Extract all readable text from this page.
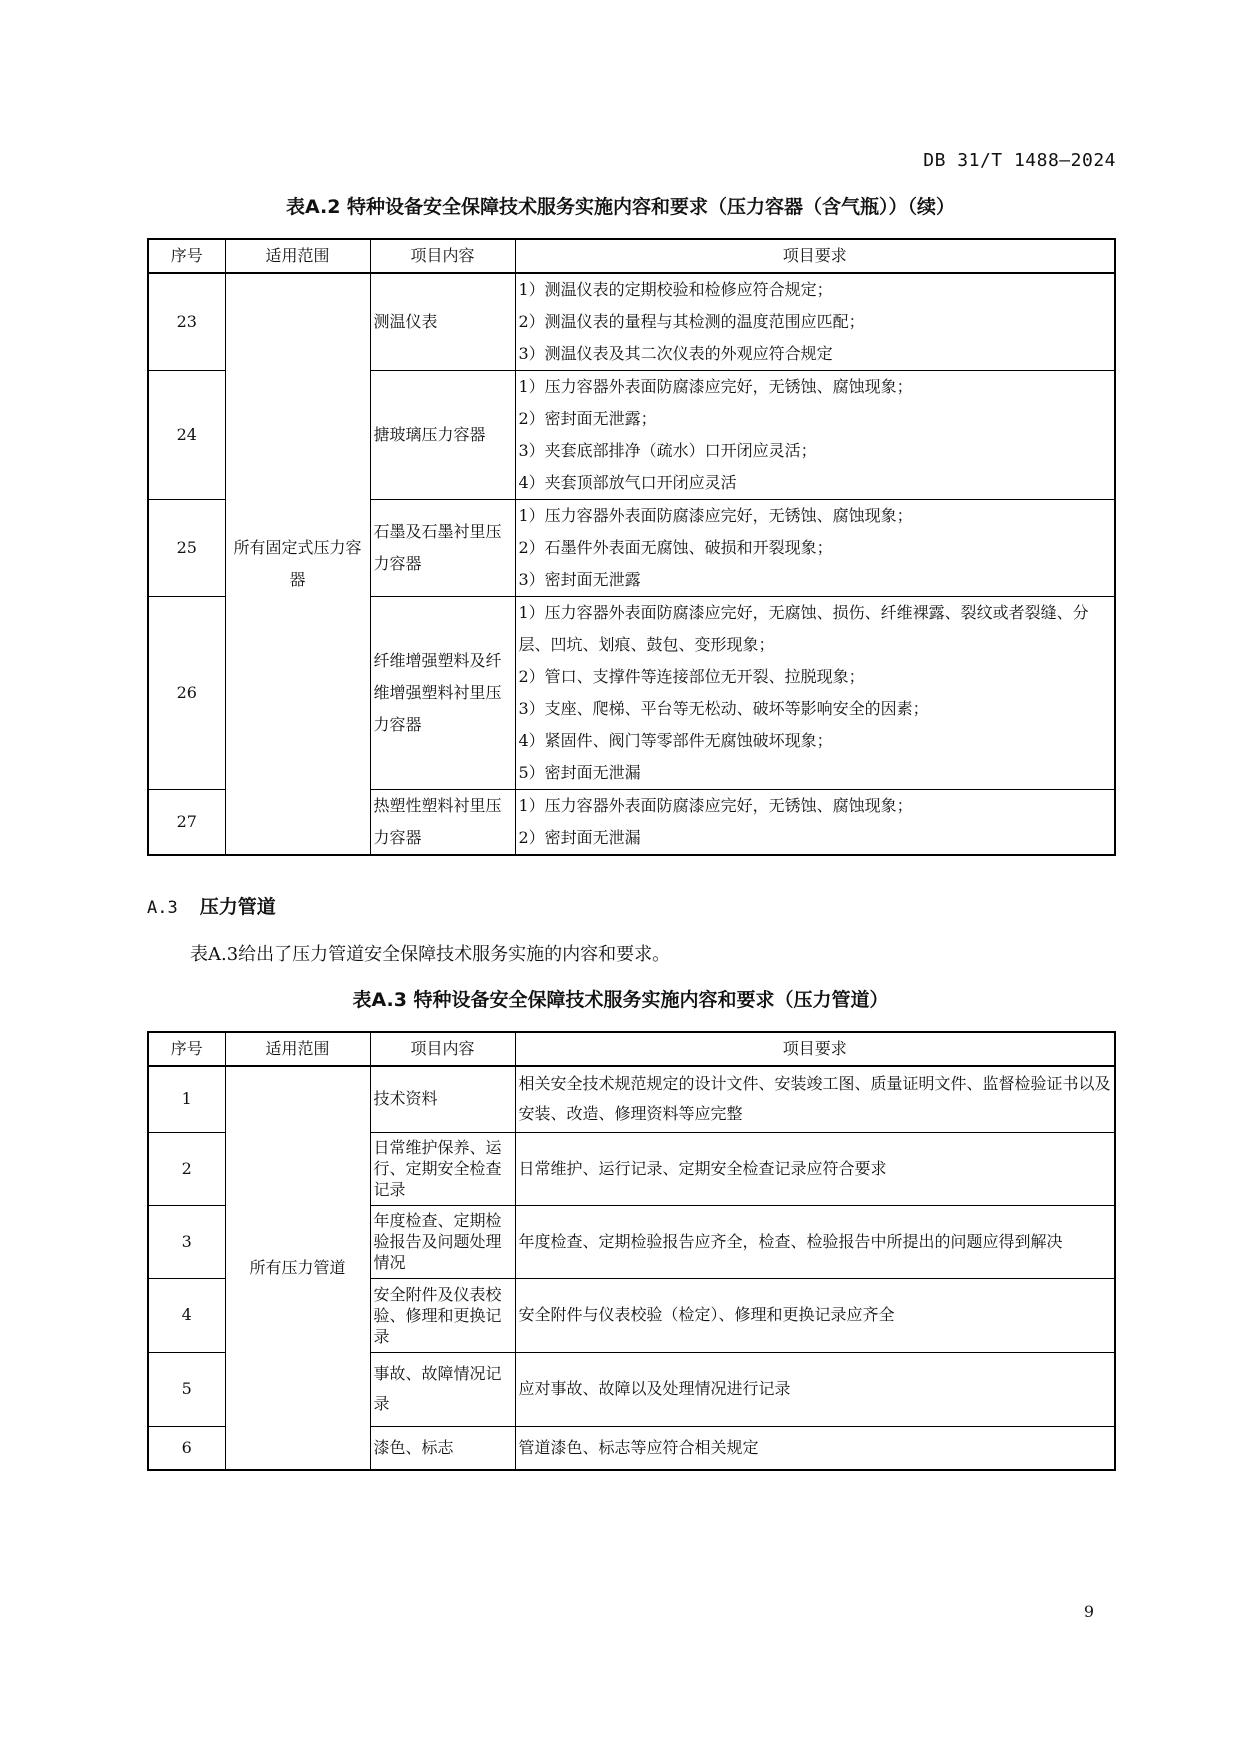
DB 31/T 1488—2024
表A.2 特种设备安全保障技术服务实施内容和要求（压力容器（含气瓶））（续）
序号	适用范围	项目内容	项目要求
23	所有固定式压力容器	测温仪表	1）测温仪表的定期校验和检修应符合规定；
2）测温仪表的量程与其检测的温度范围应匹配；
3）测温仪表及其二次仪表的外观应符合规定

24		搪玻璃压力容器	1）压力容器外表面防腐漆应完好，无锈蚀、腐蚀现象；
2）密封面无泄露；
3）夹套底部排净（疏水）口开闭应灵活；
4）夹套顶部放气口开闭应灵活

25		石墨及石墨衬里压力容器	1）压力容器外表面防腐漆应完好，无锈蚀、腐蚀现象；
2）石墨件外表面无腐蚀、破损和开裂现象；
3）密封面无泄露

26		纤维增强塑料及纤维增强塑料衬里压力容器	1）压力容器外表面防腐漆应完好，无腐蚀、损伤、纤维裸露、裂纹或者裂缝、分层、凹坑、划痕、鼓包、变形现象；
2）管口、支撑件等连接部位无开裂、拉脱现象；
3）支座、爬梯、平台等无松动、破坏等影响安全的因素；
4）紧固件、阀门等零部件无腐蚀破坏现象；
5）密封面无泄漏

27		热塑性塑料衬里压力容器	1）压力容器外表面防腐漆应完好，无锈蚀、腐蚀现象；
2）密封面无泄漏
A.3 压力管道
表A.3给出了压力管道安全保障技术服务实施的内容和要求。
表A.3 特种设备安全保障技术服务实施内容和要求（压力管道）
序号	适用范围	项目内容	项目要求
1	所有压力管道	技术资料	相关安全技术规范规定的设计文件、安装竣工图、质量证明文件、监督检验证书以及安装、改造、修理资料等应完整
2		日常维护保养、运行、定期安全检查记录	日常维护、运行记录、定期安全检查记录应符合要求
3		年度检查、定期检验报告及问题处理情况	年度检查、定期检验报告应齐全，检查、检验报告中所提出的问题应得到解决
4		安全附件及仪表校验、修理和更换记录	安全附件与仪表校验（检定）、修理和更换记录应齐全
5		事故、故障情况记录	应对事故、故障以及处理情况进行记录
6		漆色、标志	管道漆色、标志等应符合相关规定
9
